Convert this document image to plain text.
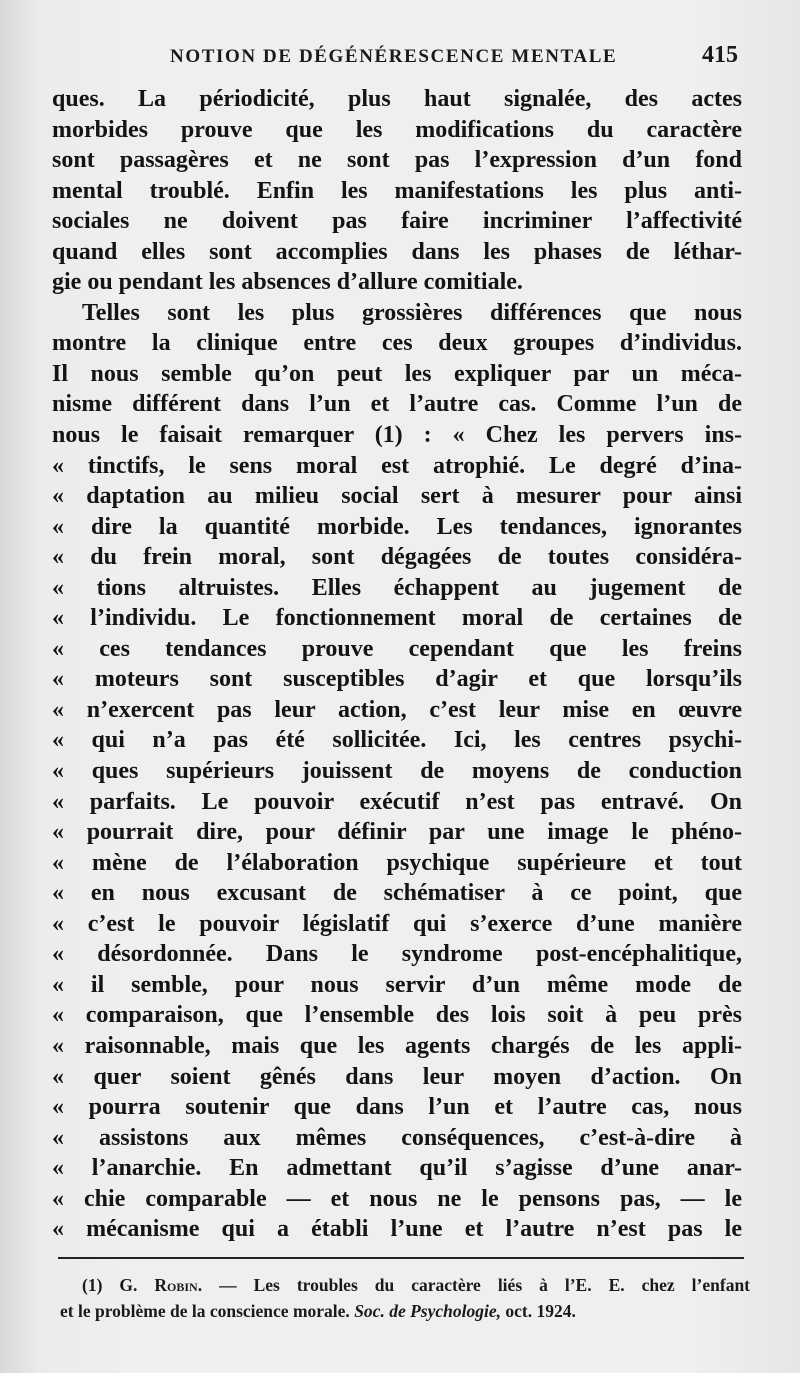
NOTION DE DÉGÉNÉRESCENCE MENTALE	415
ques. La périodicité, plus haut signalée, des actes
morbides prouve que les modifications du caractère
sont passagères et ne sont pas l’expression d’un fond
mental troublé. Enfin les manifestations les plus anti-
sociales ne doivent pas faire incriminer l’affectivité
quand elles sont accomplies dans les phases de léthar-
gie ou pendant les absences d’allure comitiale.
Telles sont les plus grossières différences que nous
montre la clinique entre ces deux groupes d’individus.
Il nous semble qu’on peut les expliquer par un méca-
nisme différent dans l’un et l’autre cas. Comme l’un de
nous le faisait remarquer (1) : « Chez les pervers ins-
« tinctifs, le sens moral est atrophié. Le degré d’ina-
« daptation au milieu social sert à mesurer pour ainsi
« dire la quantité morbide. Les tendances, ignorantes
« du frein moral, sont dégagées de toutes considéra-
« tions altruistes. Elles échappent au jugement de
« l’individu. Le fonctionnement moral de certaines de
« ces tendances prouve cependant que les freins
« moteurs sont susceptibles d’agir et que lorsqu’ils
« n’exercent pas leur action, c’est leur mise en œuvre
« qui n’a pas été sollicitée. Ici, les centres psychi-
« ques supérieurs jouissent de moyens de conduction
« parfaits. Le pouvoir exécutif n’est pas entravé. On
« pourrait dire, pour définir par une image le phéno-
« mène de l’élaboration psychique supérieure et tout
« en nous excusant de schématiser à ce point, que
« c’est le pouvoir législatif qui s’exerce d’une manière
« désordonnée. Dans le syndrome post-encéphalitique,
« il semble, pour nous servir d’un même mode de
« comparaison, que l’ensemble des lois soit à peu près
« raisonnable, mais que les agents chargés de les appli-
« quer soient gênés dans leur moyen d’action. On
« pourra soutenir que dans l’un et l’autre cas, nous
« assistons aux mêmes conséquences, c’est-à-dire à
« l’anarchie. En admettant qu’il s’agisse d’une anar-
« chie comparable — et nous ne le pensons pas, — le
« mécanisme qui a établi l’une et l’autre n’est pas le
(1) G. Robin. — Les troubles du caractère liés à l’E. E. chez l’enfant
et le problème de la conscience morale. Soc. de Psychologie, oct. 1924.
